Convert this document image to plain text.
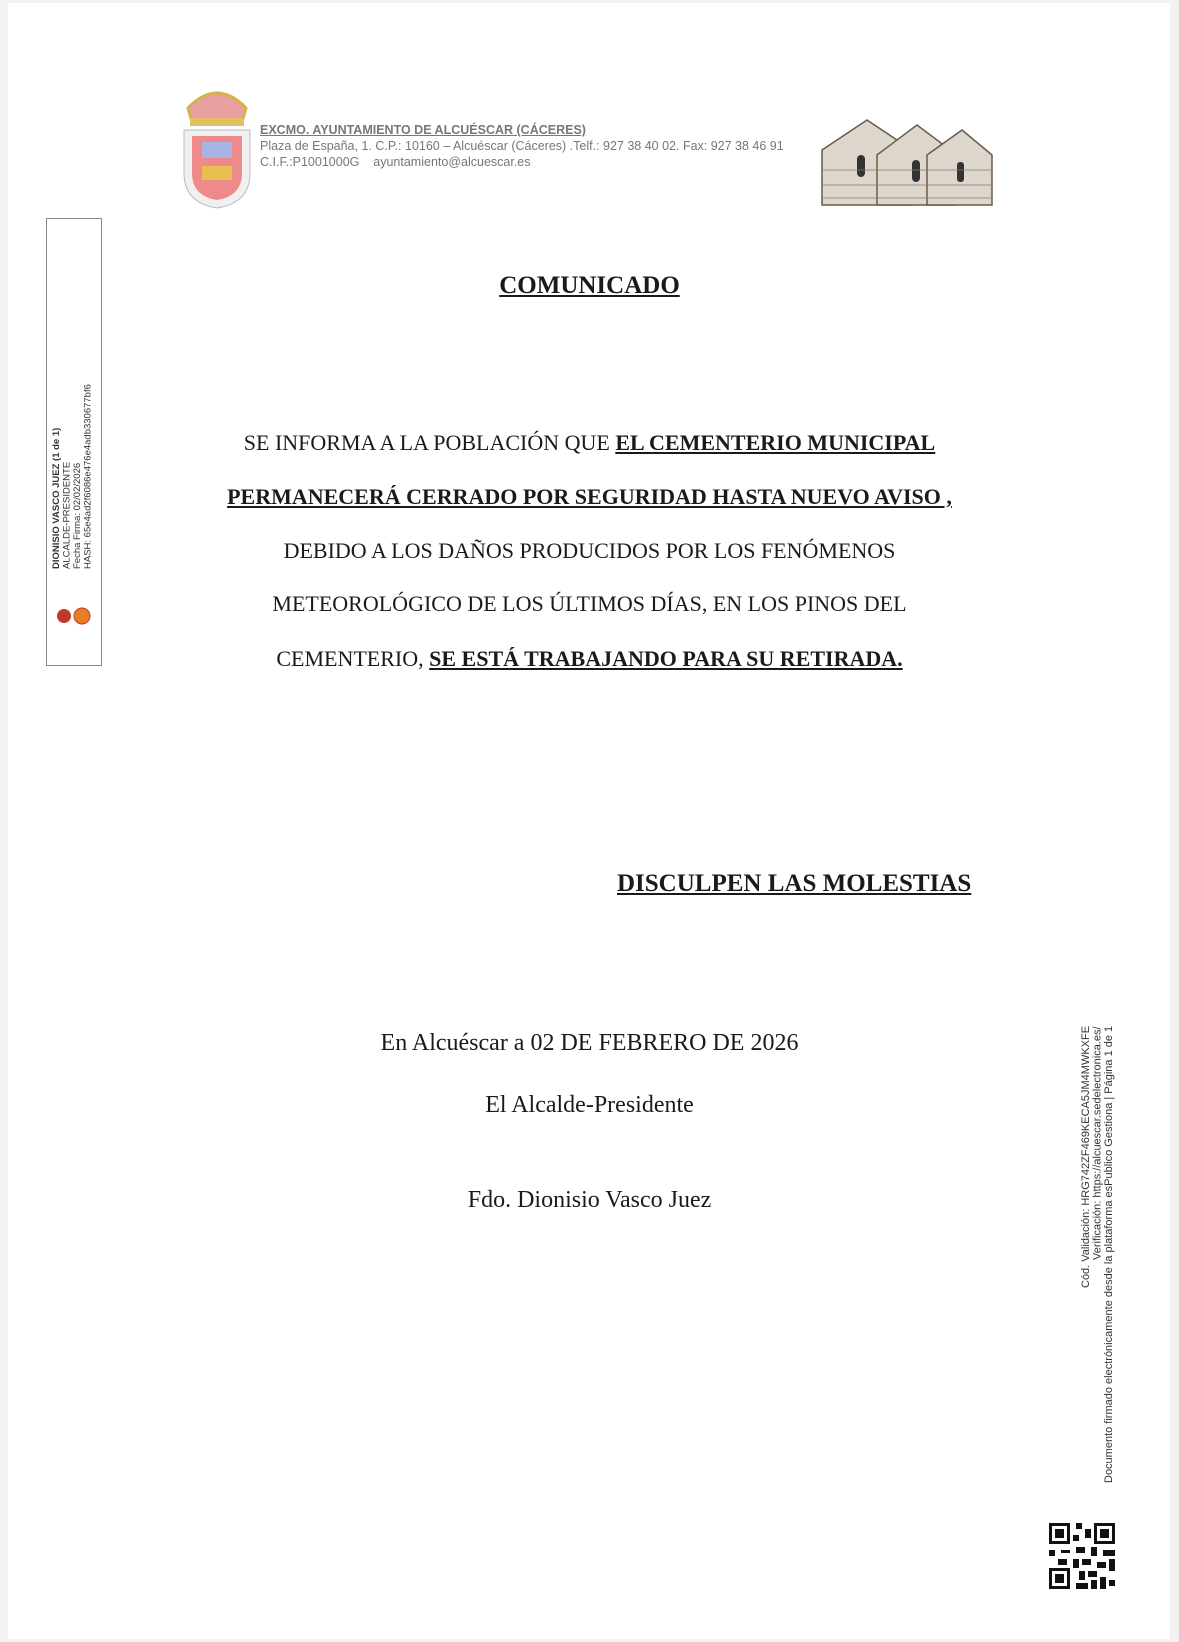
EXCMO. AYUNTAMIENTO DE ALCUÉSCAR (CÁCERES)
Plaza de España, 1. C.P.: 10160 – Alcuéscar (Cáceres) .Telf.: 927 38 40 02. Fax: 927 38 46 91
C.I.F.:P1001000G ayuntamiento@alcuescar.es
DIONISIO VASCO JUEZ (1 de 1) ALCALDE-PRESIDENTE Fecha Firma: 02/02/2026 HASH: 65e4ad2f6086e476e4adb330677bf6
COMUNICADO
SE INFORMA A LA POBLACIÓN QUE EL CEMENTERIO MUNICIPAL
PERMANECERÁ CERRADO POR SEGURIDAD HASTA NUEVO AVISO ,
DEBIDO A LOS DAÑOS PRODUCIDOS POR LOS FENÓMENOS
METEOROLÓGICO DE LOS ÚLTIMOS DÍAS, EN LOS PINOS DEL
CEMENTERIO, SE ESTÁ TRABAJANDO PARA SU RETIRADA.
DISCULPEN LAS MOLESTIAS
En Alcuéscar a 02 DE FEBRERO DE 2026
El Alcalde-Presidente
Fdo. Dionisio Vasco Juez	Cód. Validación: HRG742ZF469KECA5JM4MWKXFE Verificación: https://alcuescar.sedelectronica.es/ Documento firmado electrónicamente desde la plataforma esPublico Gestiona | Página 1 de 1
